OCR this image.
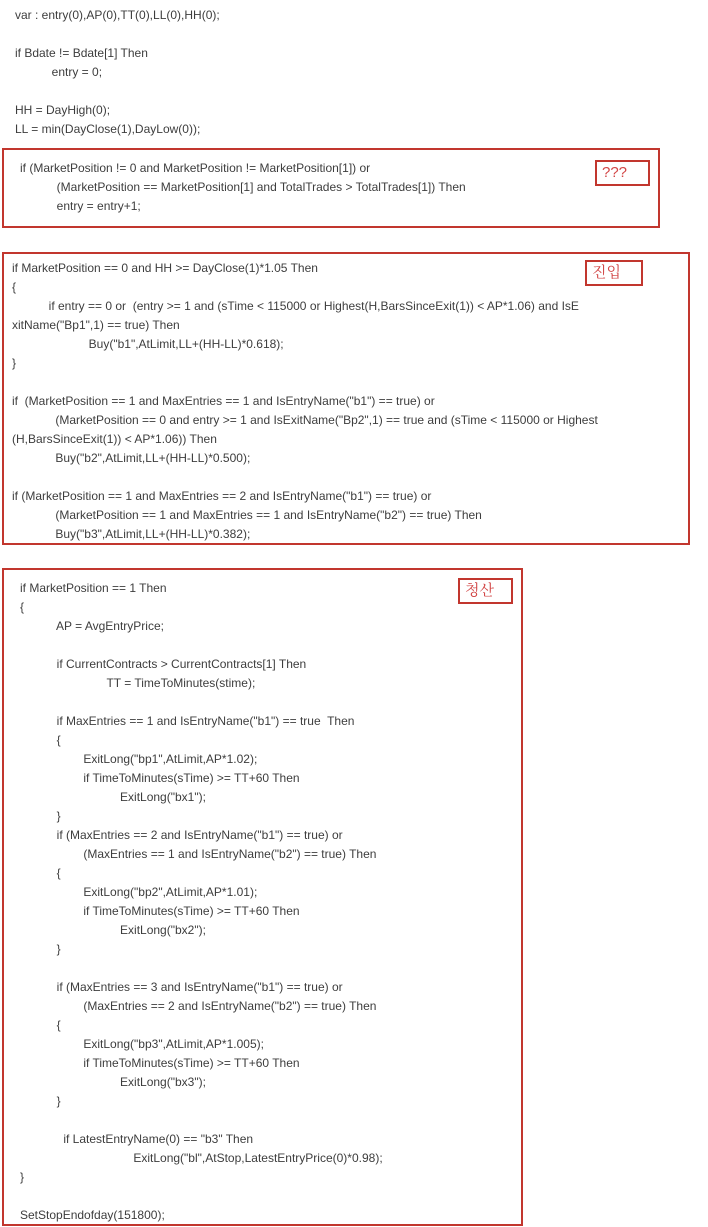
var : entry(0),AP(0),TT(0),LL(0),HH(0);

if Bdate != Bdate[1] Then
entry = 0;

HH = DayHigh(0);
LL = min(DayClose(1),DayLow(0));
if (MarketPosition != 0 and MarketPosition != MarketPosition[1]) or
(MarketPosition == MarketPosition[1] and TotalTrades > TotalTrades[1]) Then
entry = entry+1;
???
if MarketPosition == 0 and HH >= DayClose(1)*1.05 Then
{
if entry == 0 or  (entry >= 1 and (sTime < 115000 or Highest(H,BarsSinceExit(1)) < AP*1.06) and IsE
xitName("Bp1",1) == true) Then
Buy("b1",AtLimit,LL+(HH-LL)*0.618);
}

if  (MarketPosition == 1 and MaxEntries == 1 and IsEntryName("b1") == true) or
(MarketPosition == 0 and entry >= 1 and IsExitName("Bp2",1) == true and (sTime < 115000 or Highest
(H,BarsSinceExit(1)) < AP*1.06)) Then
Buy("b2",AtLimit,LL+(HH-LL)*0.500);

if (MarketPosition == 1 and MaxEntries == 2 and IsEntryName("b1") == true) or
(MarketPosition == 1 and MaxEntries == 1 and IsEntryName("b2") == true) Then
Buy("b3",AtLimit,LL+(HH-LL)*0.382);
진입
if MarketPosition == 1 Then
{
AP = AvgEntryPrice;

if CurrentContracts > CurrentContracts[1] Then
TT = TimeToMinutes(stime);

if MaxEntries == 1 and IsEntryName("b1") == true  Then
{
ExitLong("bp1",AtLimit,AP*1.02);
if TimeToMinutes(sTime) >= TT+60 Then
ExitLong("bx1");
}
if (MaxEntries == 2 and IsEntryName("b1") == true) or
(MaxEntries == 1 and IsEntryName("b2") == true) Then
{
ExitLong("bp2",AtLimit,AP*1.01);
if TimeToMinutes(sTime) >= TT+60 Then
ExitLong("bx2");
}

if (MaxEntries == 3 and IsEntryName("b1") == true) or
(MaxEntries == 2 and IsEntryName("b2") == true) Then
{
ExitLong("bp3",AtLimit,AP*1.005);
if TimeToMinutes(sTime) >= TT+60 Then
ExitLong("bx3");
}

if LatestEntryName(0) == "b3" Then
ExitLong("bl",AtStop,LatestEntryPrice(0)*0.98);
}

SetStopEndofday(151800);
청산
